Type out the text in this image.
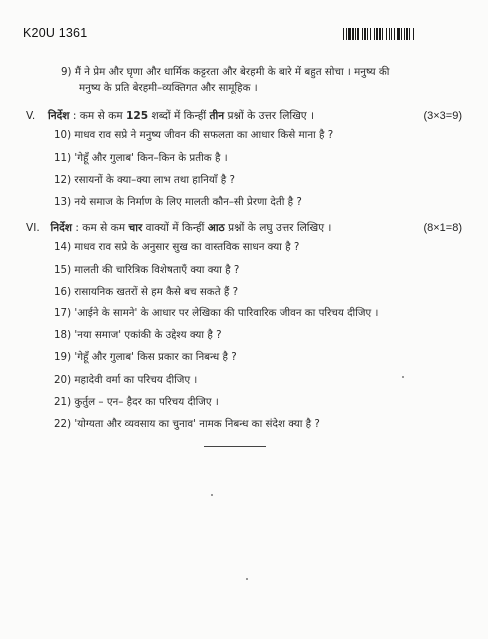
K20U 1361
9) मैं ने प्रेम और घृणा और धार्मिक कट्टरता और बेरहमी के बारे में बहुत सोचा । मनुष्य की
मनुष्य के प्रति बेरहमी–व्यक्तिगत और सामूहिक ।
V. निर्देश : कम से कम 125 शब्दों में किन्हीं तीन प्रश्नों के उत्तर लिखिए ।	(3×3=9)
10) माधव राव सप्रे ने मनुष्य जीवन की सफलता का आधार किसे माना है ?
11) 'गेहूँ और गुलाब' किन–किन के प्रतीक है ।
12) रसायनों के क्या–क्या लाभ तथा हानियाँ है ?
13) नये समाज के निर्माण के लिए मालती कौन–सी प्रेरणा देती है ?
VI. निर्देश : कम से कम चार वाक्यों में किन्हीं आठ प्रश्नों के लघु उत्तर लिखिए ।	(8×1=8)
14) माधव राव सप्रे के अनुसार सुख का वास्तविक साधन क्या है ?
15) मालती की चारित्रिक विशेषताएँ क्या क्या है ?
16) रासायनिक खतरों से हम कैसे बच सकते हैं ?
17) 'आईने के सामने' के आधार पर लेखिका की पारिवारिक जीवन का परिचय दीजिए ।
18) 'नया समाज' एकांकी के उद्देश्य क्या है ?
19) 'गेहूँ और गुलाब' किस प्रकार का निबन्ध है ?
20) महादेवी वर्मा का परिचय दीजिए ।
21) कुर्तुल – एन– हैदर का परिचय दीजिए ।
22) 'योग्यता और व्यवसाय का चुनाव' नामक निबन्ध का संदेश क्या है ?
